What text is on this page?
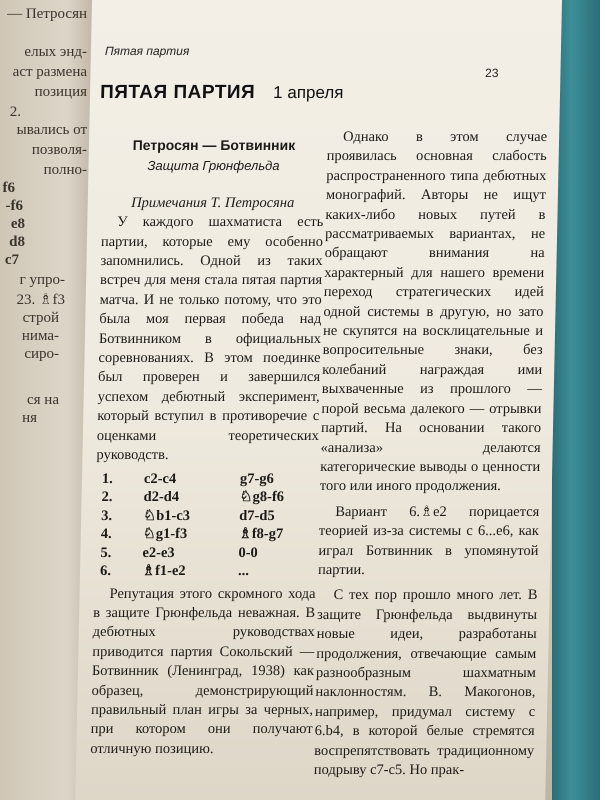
— Петросян
елых энд-
аст размена
позиция
2.
ывались от
позволя-
полно-
f6
-f6
e8
d8
c7
г упро-
23. ♗f3
строй
нима-
сиро-
ся на
ня
Пятая партия
23
ПЯТАЯ ПАРТИЯ 1 апреля
Петросян — Ботвинник
Защита Грюнфельда
Примечания Т. Петросяна

У каждого шахматиста есть партии, которые ему особенно запомнились. Одной из таких встреч для меня стала пятая партия матча. И не только потому, что это была моя первая победа над Ботвинником в официальных соревнованиях. В этом поединке был проверен и завершился успехом дебютный эксперимент, который вступил в противоречие с оценками теоретических руководств.

1.	c2-c4	g7-g6
2.	d2-d4	♘g8-f6
3.	♘b1-c3	d7-d5
4.	♘g1-f3	♗f8-g7
5.	e2-e3	0-0
6.	♗f1-e2	...

Репутация этого скромного хода в защите Грюнфельда неважная. В дебютных руководствах приводится партия Сокольский — Ботвинник (Ленинград, 1938) как образец, демонстрирующий правильный план игры за черных, при котором они получают отличную позицию.

Однако в этом случае проявилась основная слабость распространенного типа дебютных монографий. Авторы не ищут каких-либо новых путей в рассматриваемых вариантах, не обращают внимания на характерный для нашего времени переход стратегических идей одной системы в другую, но зато не скупятся на восклицательные и вопросительные знаки, без колебаний награждая ими выхваченные из прошлого — порой весьма далекого — отрывки партий. На основании такого «анализа» делаются категорические выводы о ценности того или иного продолжения.

Вариант 6.♗e2 порицается теорией из-за системы с 6...e6, как играл Ботвинник в упомянутой партии.

С тех пор прошло много лет. В защите Грюнфельда выдвинуты новые идеи, разработаны продолжения, отвечающие самым разнообразным шахматным наклонностям. В. Макогонов, например, придумал систему с 6.b4, в которой белые стремятся воспрепятствовать традиционному подрыву c7-c5. Но прак-
